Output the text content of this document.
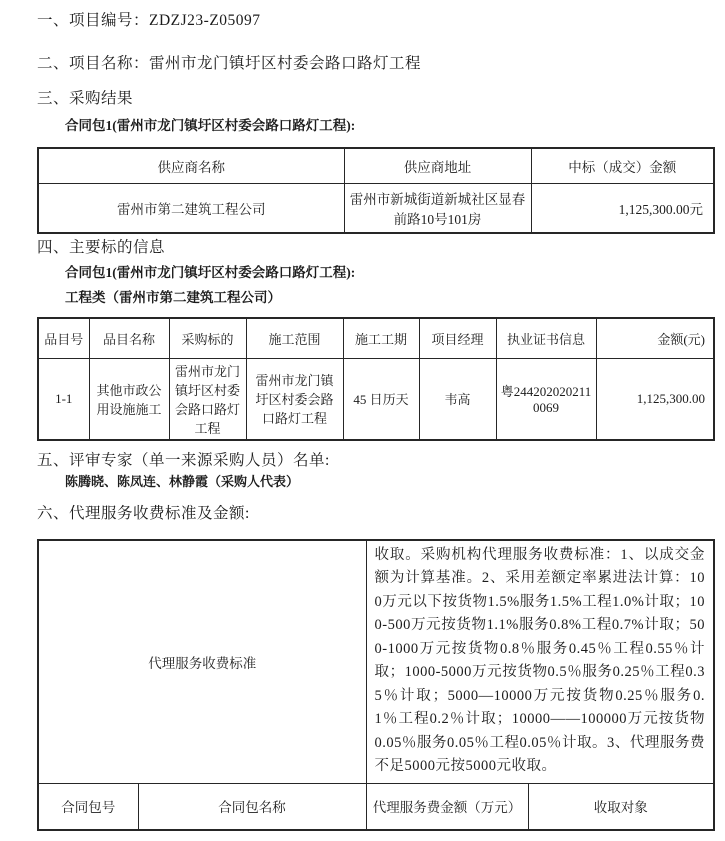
一、项目编号：ZDZJ23-Z05097

二、项目名称：雷州市龙门镇圩区村委会路口路灯工程

三、采购结果

合同包1(雷州市龙门镇圩区村委会路口路灯工程):

供应商名称	供应商地址	中标（成交）金额
雷州市第二建筑工程公司	雷州市新城街道新城社区显春前路10号101房	1,125,300.00元

四、主要标的信息

合同包1(雷州市龙门镇圩区村委会路口路灯工程):

工程类（雷州市第二建筑工程公司）

品目号	品目名称	采购标的	施工范围	施工工期	项目经理	执业证书信息	金额(元)
1-1	其他市政公用设施施工	雷州市龙门镇圩区村委会路口路灯工程	雷州市龙门镇圩区村委会路口路灯工程	45 日历天	韦高	粤2442020202110069	1,125,300.00

五、评审专家（单一来源采购人员）名单:

陈腾晓、陈凤连、林静霞（采购人代表）

六、代理服务收费标准及金额:

代理服务收费标准		收取。采购机构代理服务收费标准：1、以成交金额为计算基准。2、采用差额定率累进法计算：100万元以下按货物1.5%服务1.5%工程1.0%计取；100-500万元按货物1.1%服务0.8%工程0.7%计取；500-1000万元按货物0.8％服务0.45％工程0.55％计取；1000-5000万元按货物0.5％服务0.25％工程0.35％计取；5000—10000万元按货物0.25％服务0.1％工程0.2％计取；10000——100000万元按货物0.05％服务0.05％工程0.05％计取。3、代理服务费不足5000元按5000元收取。	
合同包号	合同包名称	代理服务费金额（万元）	收取对象
